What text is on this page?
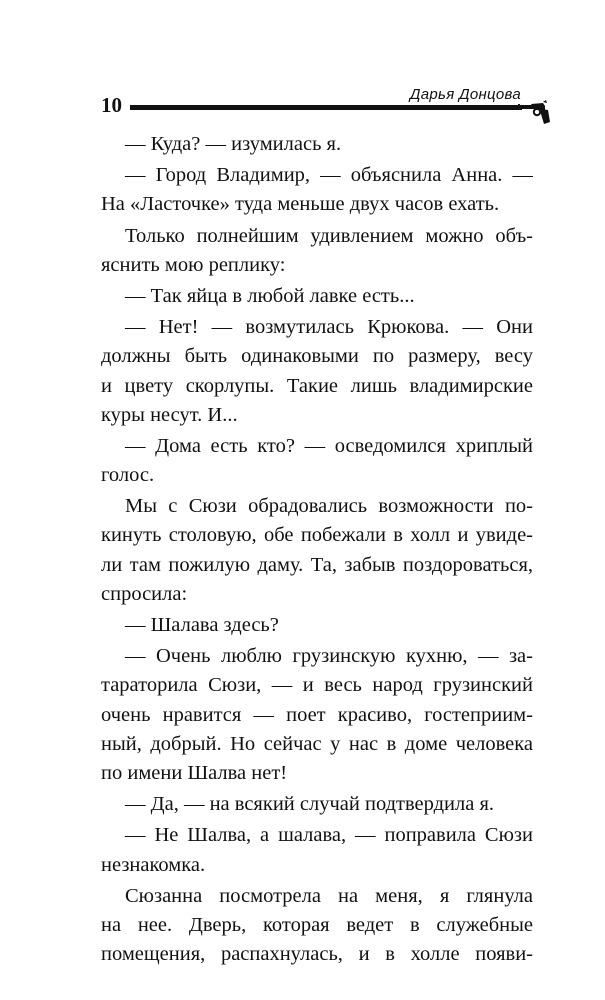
10	Дарья Донцова
— Куда? — изумилась я.
— Город Владимир, — объяснила Анна. —
На «Ласточке» туда меньше двух часов ехать.
Только полнейшим удивлением можно объ-
яснить мою реплику:
— Так яйца в любой лавке есть...
— Нет! — возмутилась Крюкова. — Они
должны быть одинаковыми по размеру, весу
и цвету скорлупы. Такие лишь владимирские
куры несут. И...
— Дома есть кто? — осведомился хриплый
голос.
Мы с Сюзи обрадовались возможности по-
кинуть столовую, обе побежали в холл и увиде-
ли там пожилую даму. Та, забыв поздороваться,
спросила:
— Шалава здесь?
— Очень люблю грузинскую кухню, — за-
тараторила Сюзи, — и весь народ грузинский
очень нравится — поет красиво, гостеприим-
ный, добрый. Но сейчас у нас в доме человека
по имени Шалва нет!
— Да, — на всякий случай подтвердила я.
— Не Шалва, а шалава, — поправила Сюзи
незнакомка.
Сюзанна посмотрела на меня, я глянула
на нее. Дверь, которая ведет в служебные
помещения, распахнулась, и в холле появи-
